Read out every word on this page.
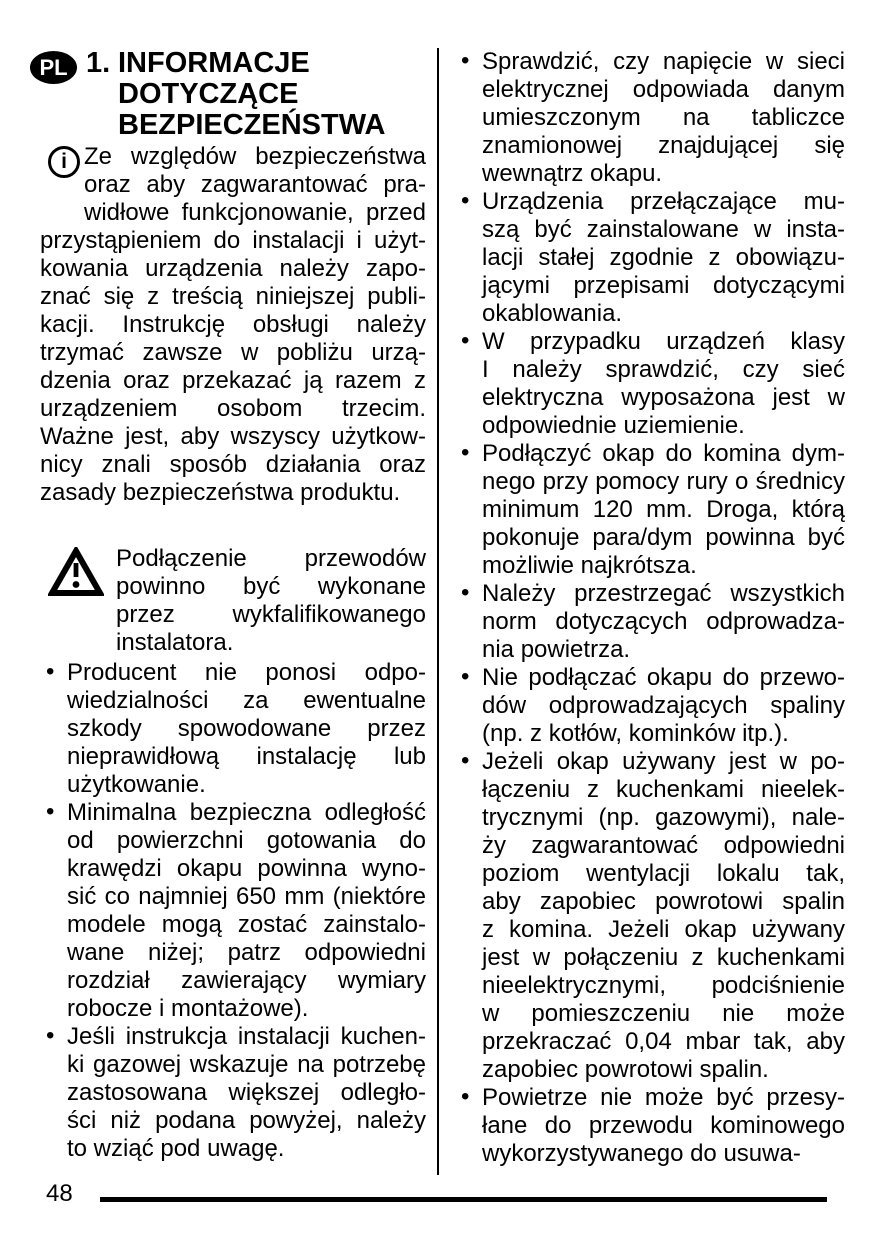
PL 1. INFORMACJE
DOTYCZĄCE
BEZPIECZEŃSTWA
i Ze względów bezpieczeństwa
oraz aby zagwarantować pra-
widłowe funkcjonowanie, przed
przystąpieniem do instalacji i użyt-
kowania urządzenia należy zapo-
znać się z treścią niniejszej publi-
kacji. Instrukcję obsługi należy
trzymać zawsze w pobliżu urzą-
dzenia oraz przekazać ją razem z
urządzeniem osobom trzecim.
Ważne jest, aby wszyscy użytkow-
nicy znali sposób działania oraz
zasady bezpieczeństwa produktu.
Podłączenie przewodów
powinno być wykonane
przez wykfalifikowanego
instalatora.
• Producent nie ponosi odpo-
wiedzialności za ewentualne
szkody spowodowane przez
nieprawidłową instalację lub
użytkowanie.
• Minimalna bezpieczna odległość
od powierzchni gotowania do
krawędzi okapu powinna wyno-
sić co najmniej 650 mm (niektóre
modele mogą zostać zainstalo-
wane niżej; patrz odpowiedni
rozdział zawierający wymiary
robocze i montażowe).
• Jeśli instrukcja instalacji kuchen-
ki gazowej wskazuje na potrzebę
zastosowana większej odległo-
ści niż podana powyżej, należy
to wziąć pod uwagę.
• Sprawdzić, czy napięcie w sieci
elektrycznej odpowiada danym
umieszczonym na tabliczce
znamionowej znajdującej się
wewnątrz okapu.
• Urządzenia przełączające mu-
szą być zainstalowane w insta-
lacji stałej zgodnie z obowiązu-
jącymi przepisami dotyczącymi
okablowania.
• W przypadku urządzeń klasy
I należy sprawdzić, czy sieć
elektryczna wyposażona jest w
odpowiednie uziemienie.
• Podłączyć okap do komina dym-
nego przy pomocy rury o średnicy
minimum 120 mm. Droga, którą
pokonuje para/dym powinna być
możliwie najkrótsza.
• Należy przestrzegać wszystkich
norm dotyczących odprowadza-
nia powietrza.
• Nie podłączać okapu do przewo-
dów odprowadzających spaliny
(np. z kotłów, kominków itp.).
• Jeżeli okap używany jest w po-
łączeniu z kuchenkami nieelek-
trycznymi (np. gazowymi), nale-
ży zagwarantować odpowiedni
poziom wentylacji lokalu tak,
aby zapobiec powrotowi spalin
z komina. Jeżeli okap używany
jest w połączeniu z kuchenkami
nieelektrycznymi, podciśnienie
w pomieszczeniu nie może
przekraczać 0,04 mbar tak, aby
zapobiec powrotowi spalin.
• Powietrze nie może być przesy-
łane do przewodu kominowego
wykorzystywanego do usuwa-
48
